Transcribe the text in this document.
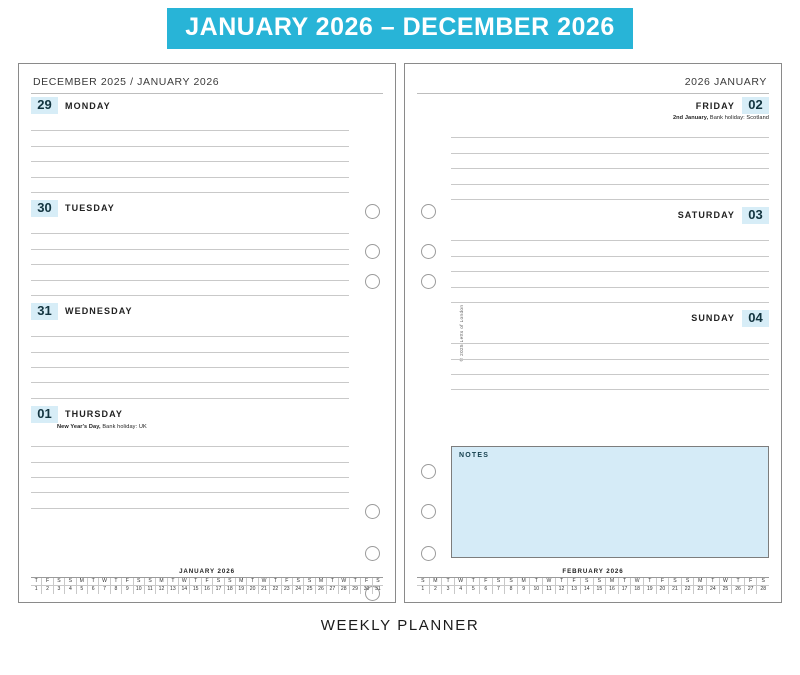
JANUARY 2026 – DECEMBER 2026
DECEMBER 2025 / JANUARY 2026
29	MONDAY
30	TUESDAY
31	WEDNESDAY
01	THURSDAY
New Year's Day, Bank holiday: UK
JANUARY 2026
T	F	S	S	M	T	W	T	F	S	S	M	T	W	T	F	S	S	M	T	W	T	F	S	S	M	T	W	T	F	S
1	2	3	4	5	6	7	8	9	10	11	12	13	14	15	16	17	18	19	20	21	22	23	24	25	26	27	28	29	30	31
2026 JANUARY
© 2025 Letts of London
FRIDAY	02
2nd January, Bank holiday: Scotland
SATURDAY	03
SUNDAY	04
NOTES
FEBRUARY 2026
S	M	T	W	T	F	S	S	M	T	W	T	F	S	S	M	T	W	T	F	S	S	M	T	W	T	F	S
1	2	3	4	5	6	7	8	9	10	11	12	13	14	15	16	17	18	19	20	21	22	23	24	25	26	27	28
WEEKLY PLANNER
